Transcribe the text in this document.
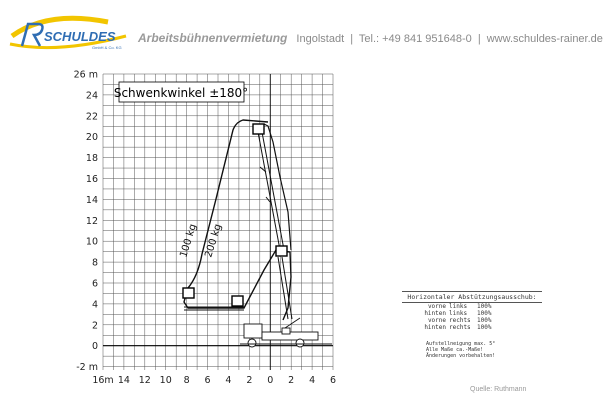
SCHULDES
GmbH & Co. KG
Arbeitsbühnenvermietung Ingolstadt | Tel.: +49 841 951648-0 | www.schuldes-rainer.de
26 m
24
22
20
18
16
14
12
10
8
6
4
2
0
-2 m
16m 14 12 10 8 6 4 2 0 2 4 6
Schwenkwinkel ±180°
100 kg 200 kg
Horizontaler Abstützungsausschub:
vorne links	100%
hinten links	100%
vorne rechts	100%
hinten rechts	100%
Aufstellneigung max. 5°
Alle Maße ca.-Maße!
Änderungen vorbehalten!
Quelle: Ruthmann
